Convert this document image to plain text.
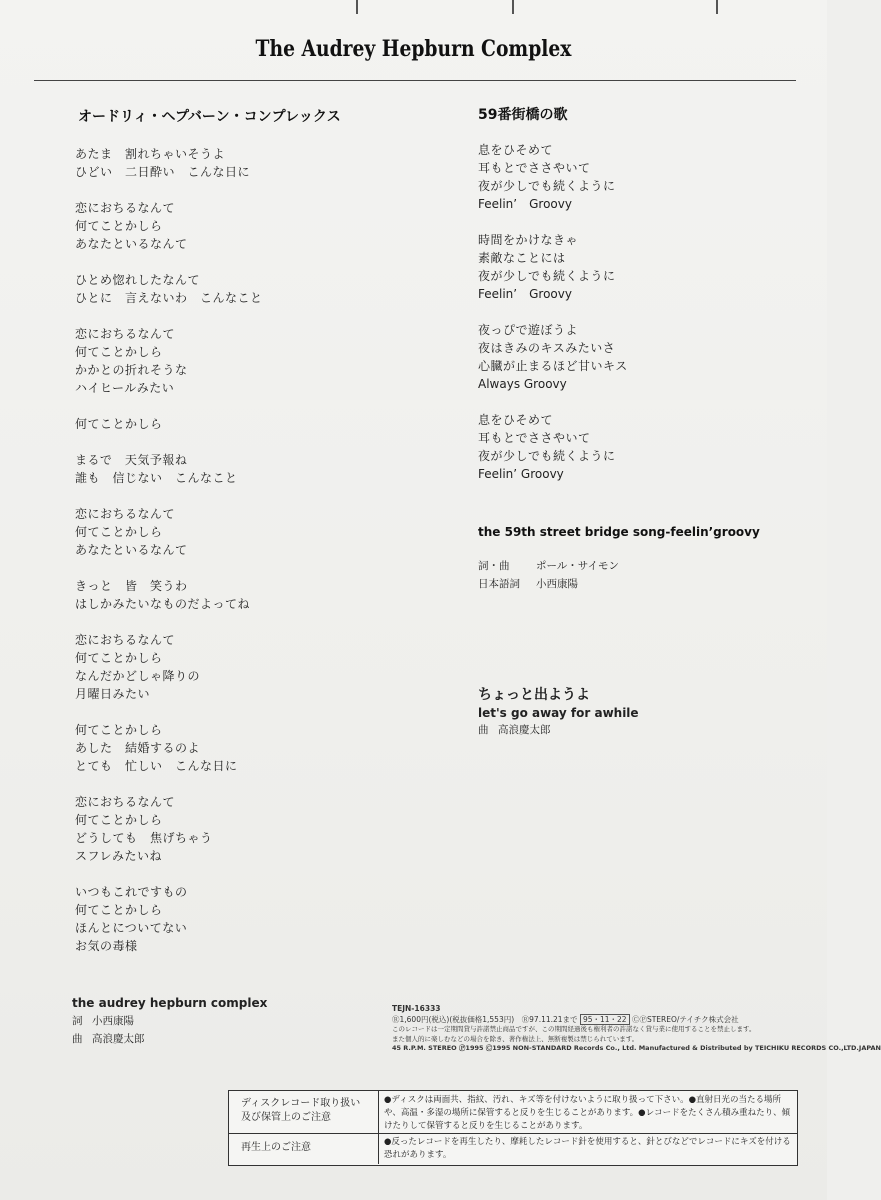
The Audrey Hepburn Complex
オードリィ・ヘプバーン・コンプレックス
あたま　割れちゃいそうよ
ひどい　二日酔い　こんな日に
恋におちるなんて
何てことかしら
あなたといるなんて
ひとめ惚れしたなんて
ひとに　言えないわ　こんなこと
恋におちるなんて
何てことかしら
かかとの折れそうな
ハイヒールみたい
何てことかしら
まるで　天気予報ね
誰も　信じない　こんなこと
恋におちるなんて
何てことかしら
あなたといるなんて
きっと　皆　笑うわ
はしかみたいなものだよってね
恋におちるなんて
何てことかしら
なんだかどしゃ降りの
月曜日みたい
何てことかしら
あした　結婚するのよ
とても　忙しい　こんな日に
恋におちるなんて
何てことかしら
どうしても　焦げちゃう
スフレみたいね
いつもこれですもの
何てことかしら
ほんとについてない
お気の毒様
the audrey hepburn complex
詞 小西康陽
曲 高浪慶太郎
59番街橋の歌
息をひそめて
耳もとでささやいて
夜が少しでも続くように
Feelin’　Groovy
時間をかけなきゃ
素敵なことには
夜が少しでも続くように
Feelin’　Groovy
夜っぴで遊ぼうよ
夜はきみのキスみたいさ
心臓が止まるほど甘いキス
Always Groovy
息をひそめて
耳もとでささやいて
夜が少しでも続くように
Feelin’ Groovy
the 59th street bridge song-feelin’groovy
詞・曲	ポール・サイモン
日本語詞 小西康陽
ちょっと出ようよ
let's go away for awhile
曲 高浪慶太郎
TEJN-16333
Ⓡ1,600円(税込)(税抜価格1,553円)　Ⓡ97.11.21まで 95・11・22 ⒸⓅSTEREO/テイチク株式会社
このレコードは一定期間貸与許諾禁止商品ですが、この期間経過後も権利者の許諾なく貸与業に使用することを禁止します。
また個人的に楽しむなどの場合を除き、著作権法上、無断複製は禁じられています。
45 R.P.M. STEREO Ⓟ1995 Ⓒ1995 NON-STANDARD Records Co., Ltd. Manufactured & Distributed by TEICHIKU RECORDS CO.,LTD.JAPAN
ディスクレコード取り扱い
及び保管上のご注意
●ディスクは両面共、指紋、汚れ、キズ等を付けないように取り扱って下さい。●直射日光の当たる場所や、高温・多湿の場所に保管すると反りを生じることがあります。●レコードをたくさん積み重ねたり、傾けたりして保管すると反りを生じることがあります。
再生上のご注意	●反ったレコードを再生したり、摩耗したレコード針を使用すると、針とびなどでレコードにキズを付ける恐れがあります。
